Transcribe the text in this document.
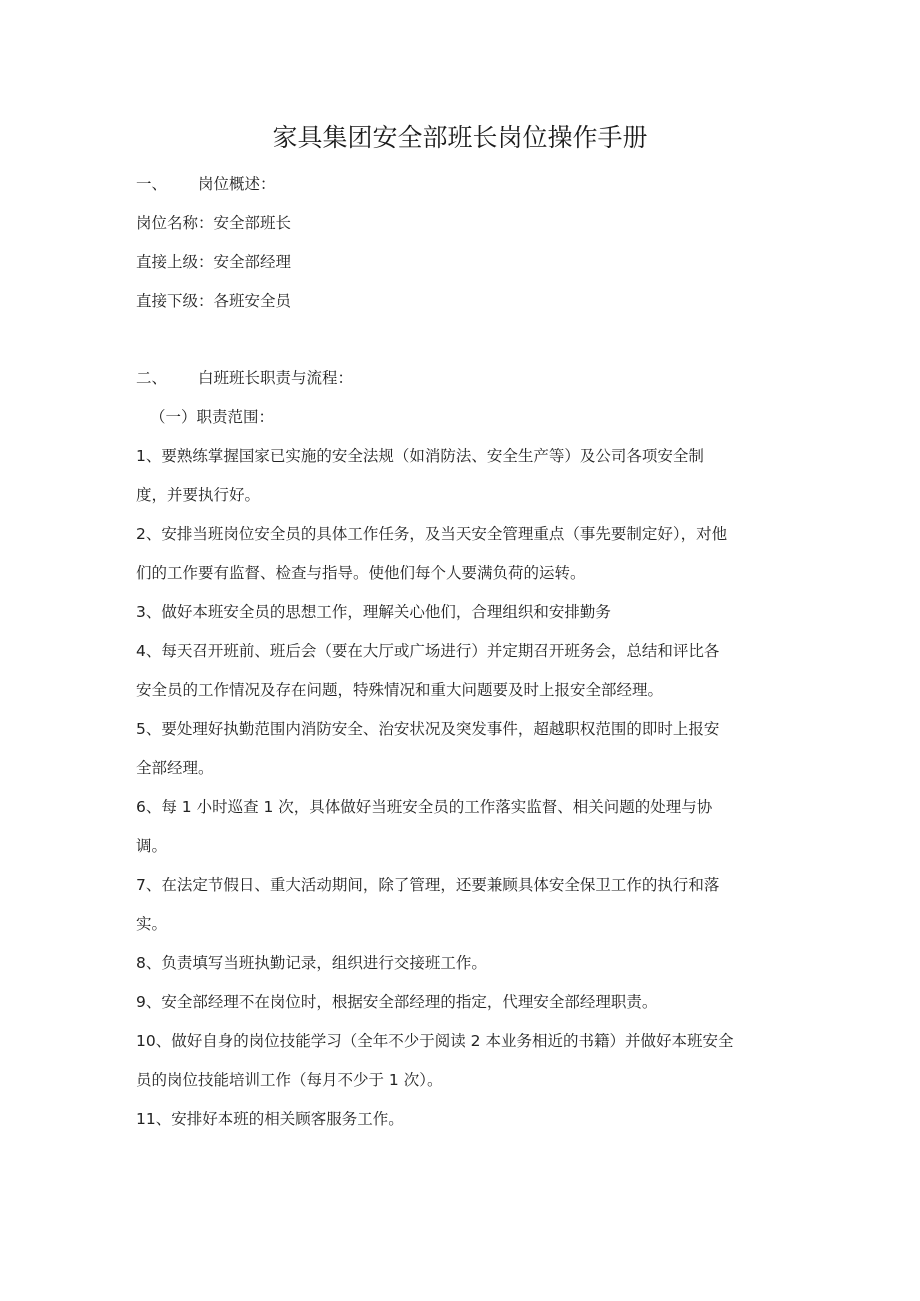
家具集团安全部班长岗位操作手册
一、 岗位概述：
岗位名称：安全部班长
直接上级：安全部经理
直接下级：各班安全员
二、 白班班长职责与流程：
（一）职责范围：
1、要熟练掌握国家已实施的安全法规（如消防法、安全生产等）及公司各项安全制
度，并要执行好。
2、安排当班岗位安全员的具体工作任务，及当天安全管理重点（事先要制定好），对他
们的工作要有监督、检查与指导。使他们每个人要满负荷的运转。
3、做好本班安全员的思想工作，理解关心他们，合理组织和安排勤务
4、每天召开班前、班后会（要在大厅或广场进行）并定期召开班务会，总结和评比各
安全员的工作情况及存在问题，特殊情况和重大问题要及时上报安全部经理。
5、要处理好执勤范围内消防安全、治安状况及突发事件，超越职权范围的即时上报安
全部经理。
6、每 1 小时巡查 1 次，具体做好当班安全员的工作落实监督、相关问题的处理与协
调。
7、在法定节假日、重大活动期间，除了管理，还要兼顾具体安全保卫工作的执行和落
实。
8、负责填写当班执勤记录，组织进行交接班工作。
9、安全部经理不在岗位时，根据安全部经理的指定，代理安全部经理职责。
10、做好自身的岗位技能学习（全年不少于阅读 2 本业务相近的书籍）并做好本班安全
员的岗位技能培训工作（每月不少于 1 次）。
11、安排好本班的相关顾客服务工作。
